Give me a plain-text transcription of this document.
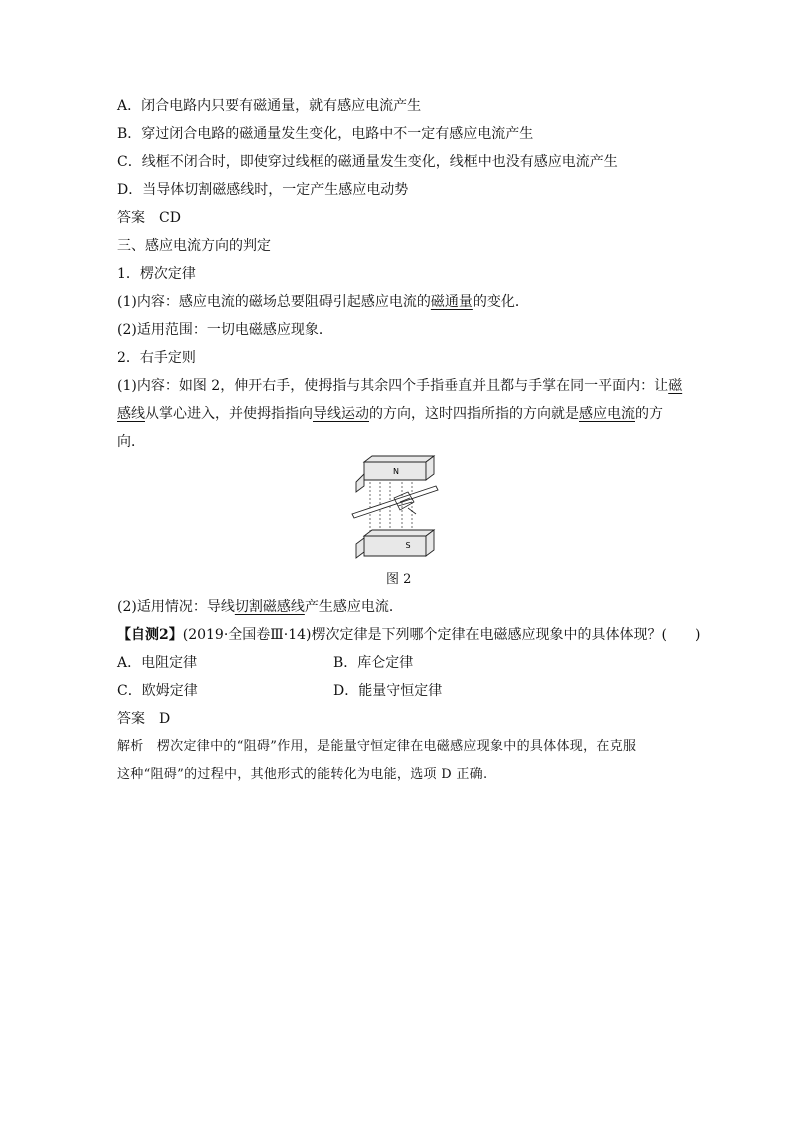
A．闭合电路内只要有磁通量，就有感应电流产生
B．穿过闭合电路的磁通量发生变化，电路中不一定有感应电流产生
C．线框不闭合时，即使穿过线框的磁通量发生变化，线框中也没有感应电流产生
D．当导体切割磁感线时，一定产生感应电动势
答案　CD
三、感应电流方向的判定
1．楞次定律
(1)内容：感应电流的磁场总要阻碍引起感应电流的磁通量的变化．
(2)适用范围：一切电磁感应现象．
2．右手定则
(1)内容：如图 2，伸开右手，使拇指与其余四个手指垂直并且都与手掌在同一平面内：让磁
感线从掌心进入，并使拇指指向导线运动的方向，这时四指所指的方向就是感应电流的方
向．
N
S
图 2
(2)适用情况：导线切割磁感线产生感应电流．
【自测2】(2019·全国卷Ⅲ·14)楞次定律是下列哪个定律在电磁感应现象中的具体体现？(　　)
A．电阻定律	B．库仑定律
C．欧姆定律	D．能量守恒定律
答案　D
解析　楞次定律中的“阻碍”作用，是能量守恒定律在电磁感应现象中的具体体现，在克服
这种“阻碍”的过程中，其他形式的能转化为电能，选项 D 正确.
